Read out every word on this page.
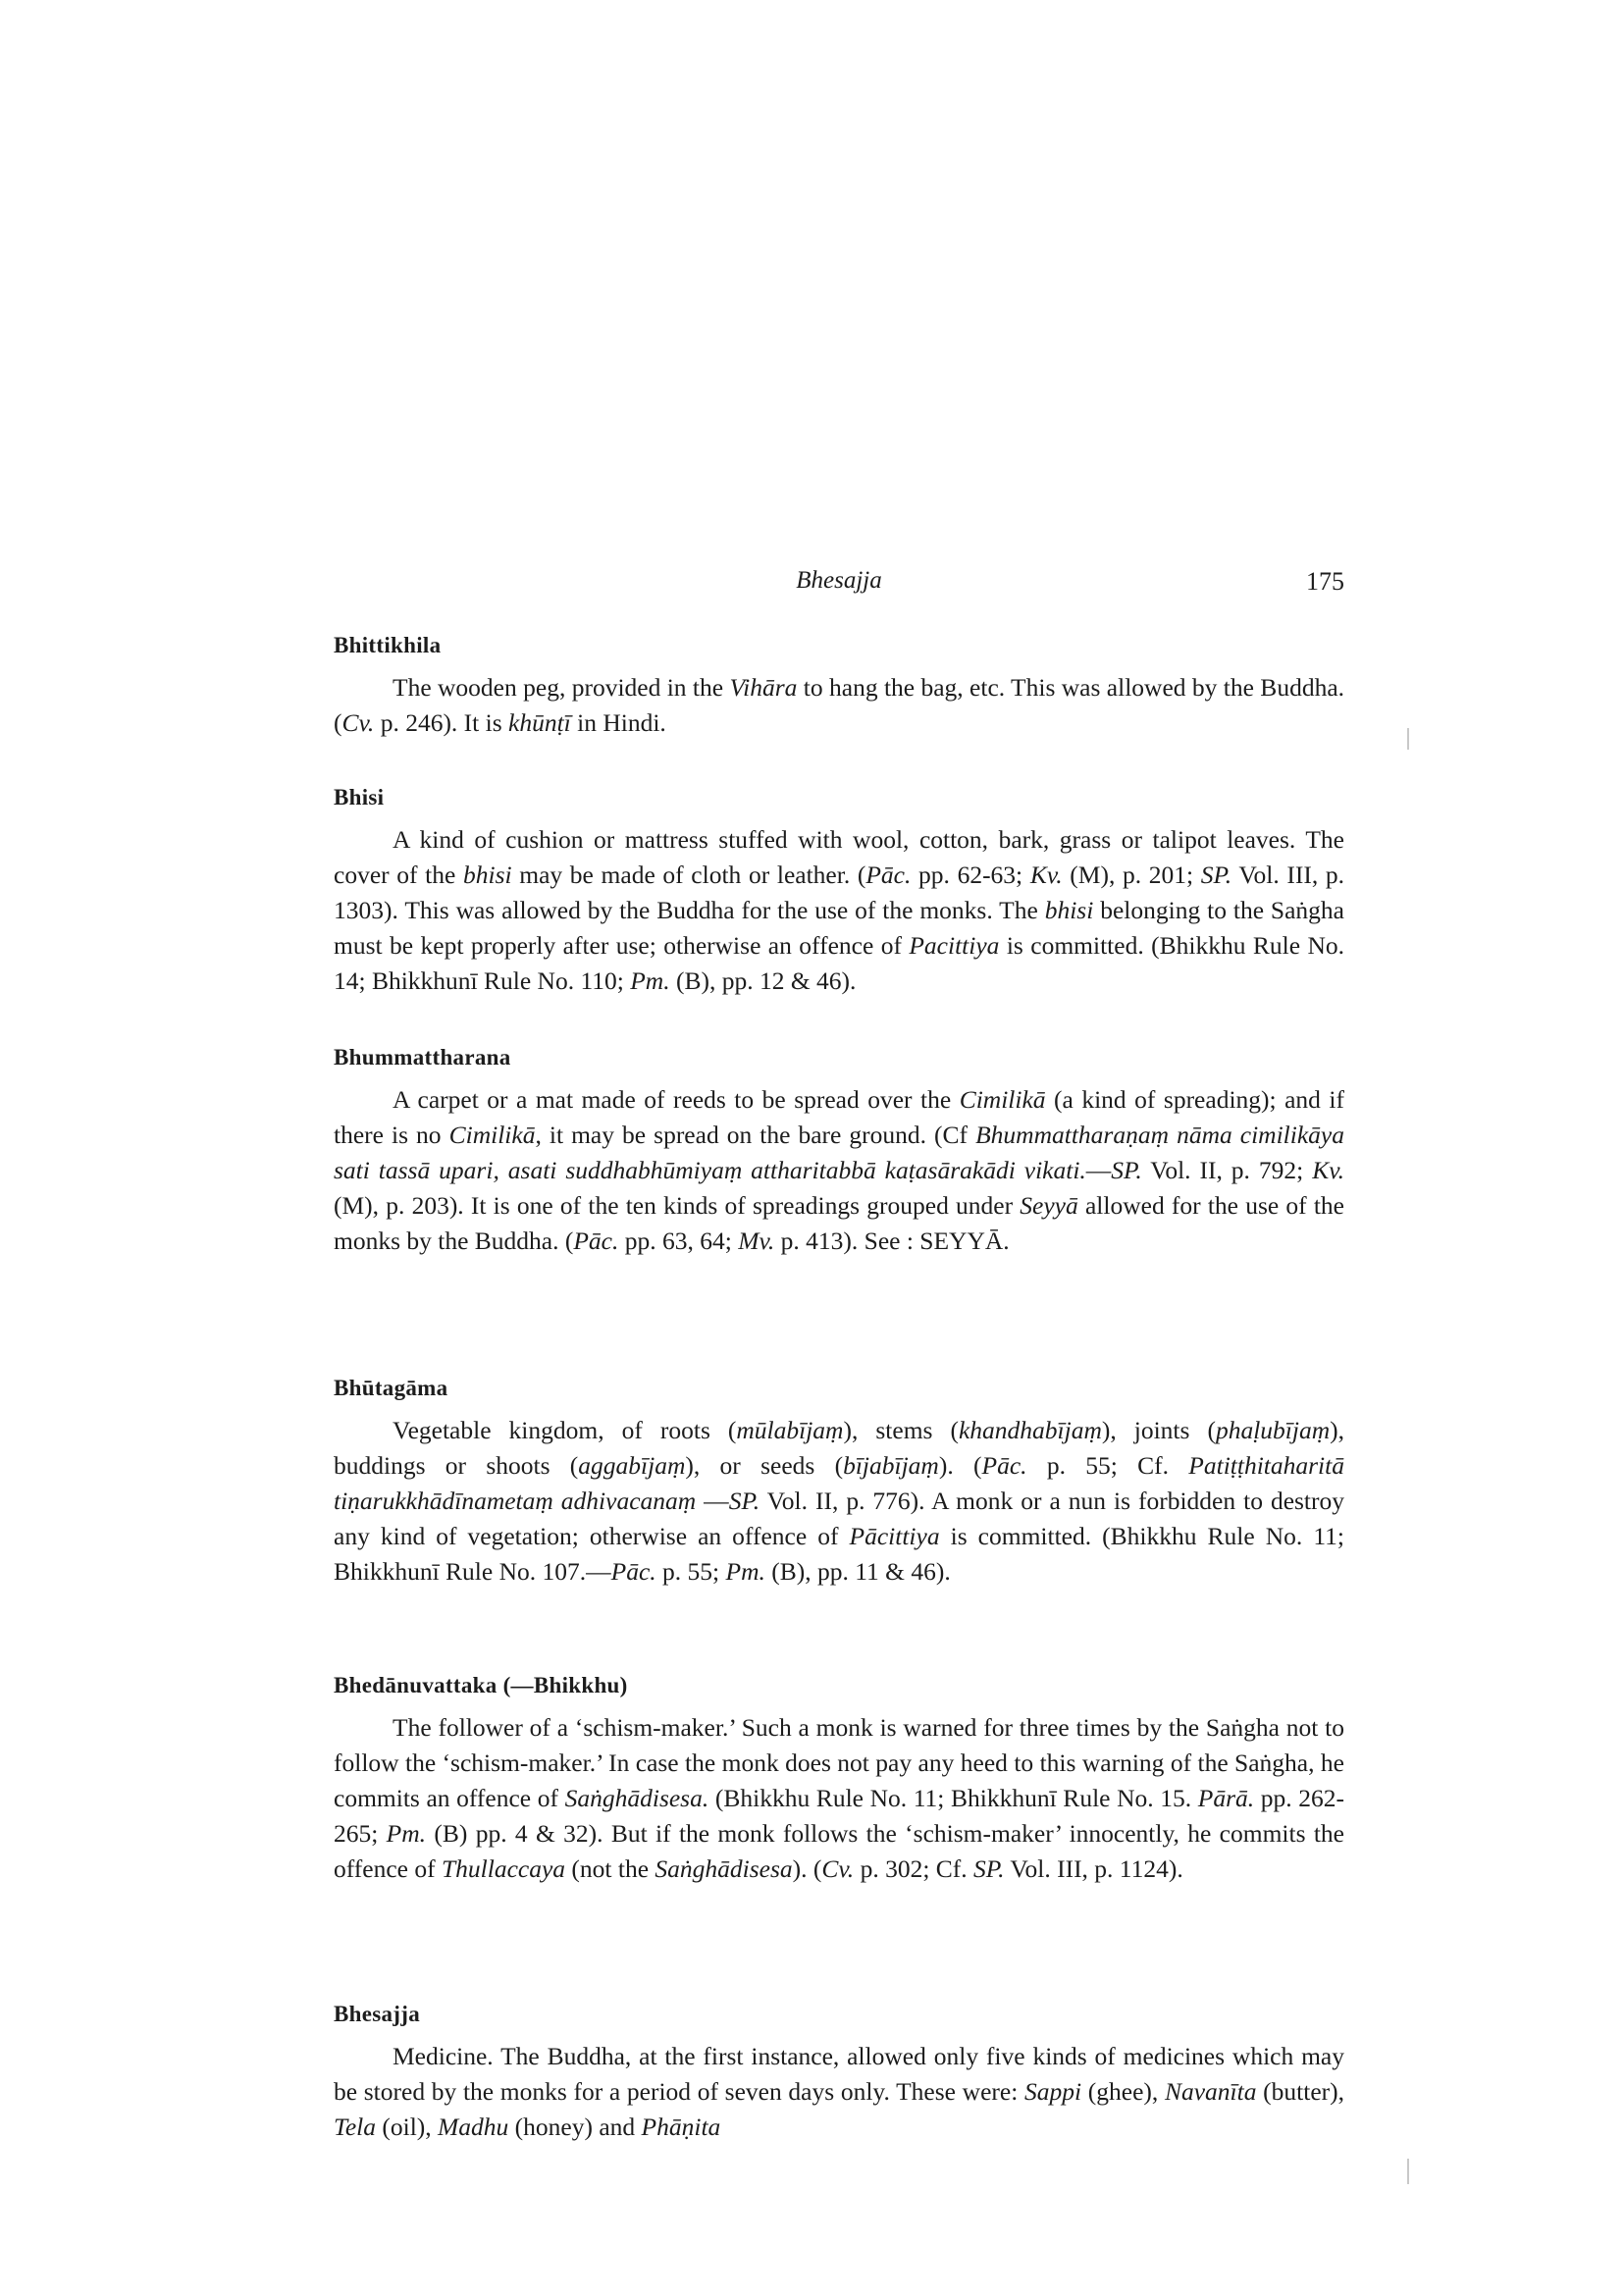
Bhesajja	175
Bhittikhila

The wooden peg, provided in the Vihāra to hang the bag, etc. This was allowed by the Buddha. (Cv. p. 246). It is khūnṭī in Hindi.

Bhisi

A kind of cushion or mattress stuffed with wool, cotton, bark, grass or talipot leaves. The cover of the bhisi may be made of cloth or leather. (Pāc. pp. 62-63; Kv. (M), p. 201; SP. Vol. III, p. 1303). This was allowed by the Buddha for the use of the monks. The bhisi belonging to the Saṅgha must be kept properly after use; otherwise an offence of Pacittiya is committed. (Bhikkhu Rule No. 14; Bhikkhunī Rule No. 110; Pm. (B), pp. 12 & 46).

Bhummattharana

A carpet or a mat made of reeds to be spread over the Cimilikā (a kind of spreading); and if there is no Cimilikā, it may be spread on the bare ground. (Cf Bhummattharaṇaṃ nāma cimilikāya sati tassā upari, asati suddhabhūmiyaṃ attharitabbā kaṭasārakādi vikati.—SP. Vol. II, p. 792; Kv. (M), p. 203). It is one of the ten kinds of spreadings grouped under Seyyā allowed for the use of the monks by the Buddha. (Pāc. pp. 63, 64; Mv. p. 413). See : SEYYĀ.

Bhūtagāma

Vegetable kingdom, of roots (mūlabījaṃ), stems (khandhabījaṃ), joints (phaḷubījaṃ), buddings or shoots (aggabījaṃ), or seeds (bījabījaṃ). (Pāc. p. 55; Cf. Patiṭṭhitaharitā tiṇarukkhādīnametaṃ adhivacanaṃ —SP. Vol. II, p. 776). A monk or a nun is forbidden to destroy any kind of vegetation; otherwise an offence of Pācittiya is committed. (Bhikkhu Rule No. 11; Bhikkhunī Rule No. 107.—Pāc. p. 55; Pm. (B), pp. 11 & 46).

Bhedānuvattaka (—Bhikkhu)

The follower of a ‘schism-maker.’ Such a monk is warned for three times by the Saṅgha not to follow the ‘schism-maker.’ In case the monk does not pay any heed to this warning of the Saṅgha, he commits an offence of Saṅghādisesa. (Bhikkhu Rule No. 11; Bhikkhunī Rule No. 15. Pārā. pp. 262-265; Pm. (B) pp. 4 & 32). But if the monk follows the ‘schism-maker’ innocently, he commits the offence of Thullaccaya (not the Saṅghādisesa). (Cv. p. 302; Cf. SP. Vol. III, p. 1124).

Bhesajja

Medicine. The Buddha, at the first instance, allowed only five kinds of medicines which may be stored by the monks for a period of seven days only. These were: Sappi (ghee), Navanīta (butter), Tela (oil), Madhu (honey) and Phāṇita
